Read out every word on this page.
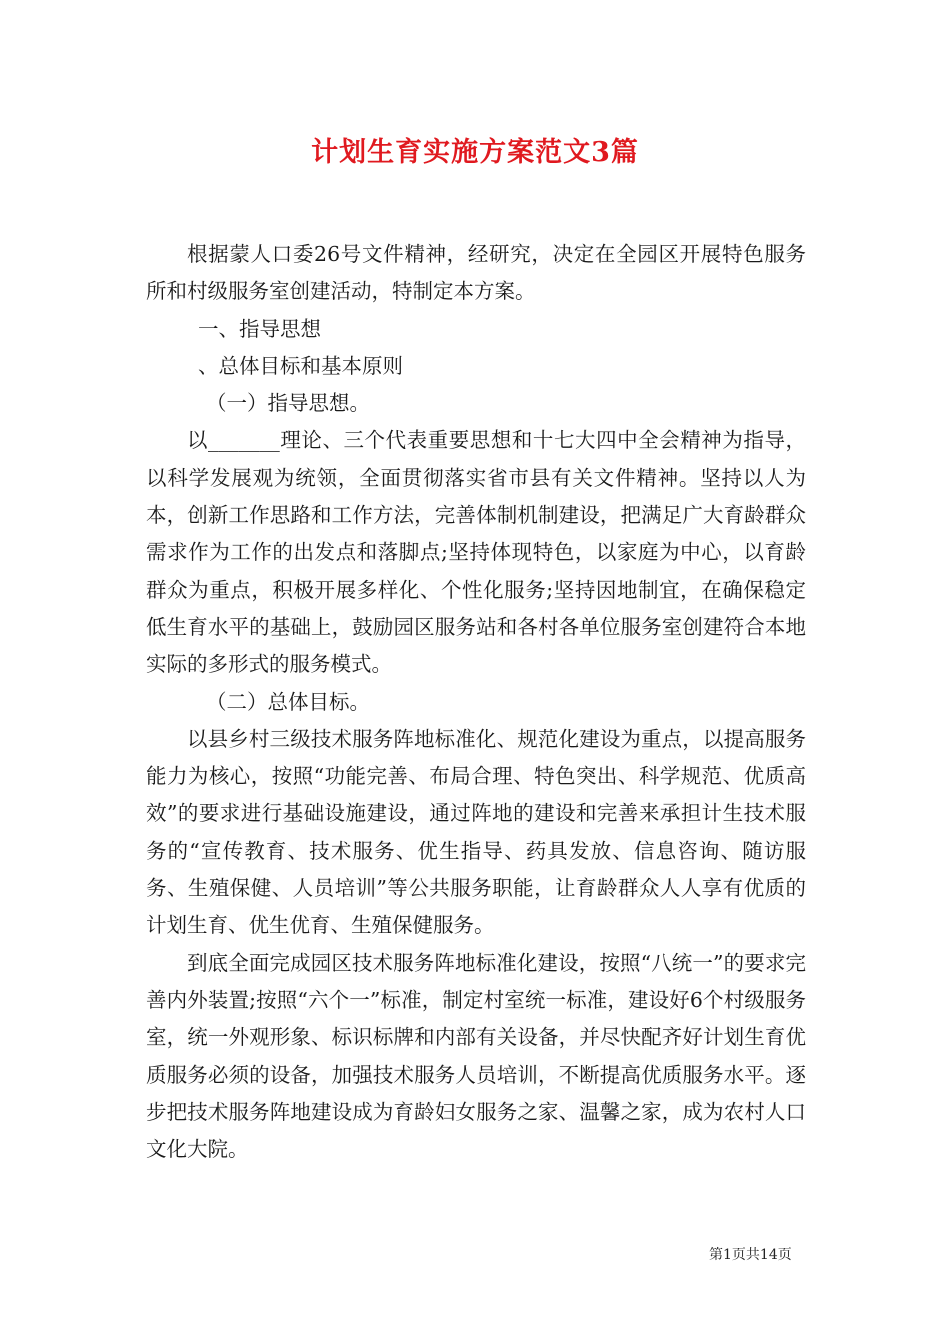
计划生育实施方案范文3篇

根据蒙人口委26号文件精神，经研究，决定在全园区开展特色服务所和村级服务室创建活动，特制定本方案。

一、指导思想

、总体目标和基本原则

（一）指导思想。

以_______理论、三个代表重要思想和十七大四中全会精神为指导，以科学发展观为统领，全面贯彻落实省市县有关文件精神。坚持以人为本，创新工作思路和工作方法，完善体制机制建设，把满足广大育龄群众需求作为工作的出发点和落脚点;坚持体现特色，以家庭为中心，以育龄群众为重点，积极开展多样化、个性化服务;坚持因地制宜，在确保稳定低生育水平的基础上，鼓励园区服务站和各村各单位服务室创建符合本地实际的多形式的服务模式。

（二）总体目标。

以县乡村三级技术服务阵地标准化、规范化建设为重点，以提高服务能力为核心，按照“功能完善、布局合理、特色突出、科学规范、优质高效”的要求进行基础设施建设，通过阵地的建设和完善来承担计生技术服务的“宣传教育、技术服务、优生指导、药具发放、信息咨询、随访服务、生殖保健、人员培训”等公共服务职能，让育龄群众人人享有优质的计划生育、优生优育、生殖保健服务。

到底全面完成园区技术服务阵地标准化建设，按照“八统一”的要求完善内外装置;按照“六个一”标准，制定村室统一标准，建设好6个村级服务室，统一外观形象、标识标牌和内部有关设备，并尽快配齐好计划生育优质服务必须的设备，加强技术服务人员培训，不断提高优质服务水平。逐步把技术服务阵地建设成为育龄妇女服务之家、温馨之家，成为农村人口文化大院。

第1页共14页
